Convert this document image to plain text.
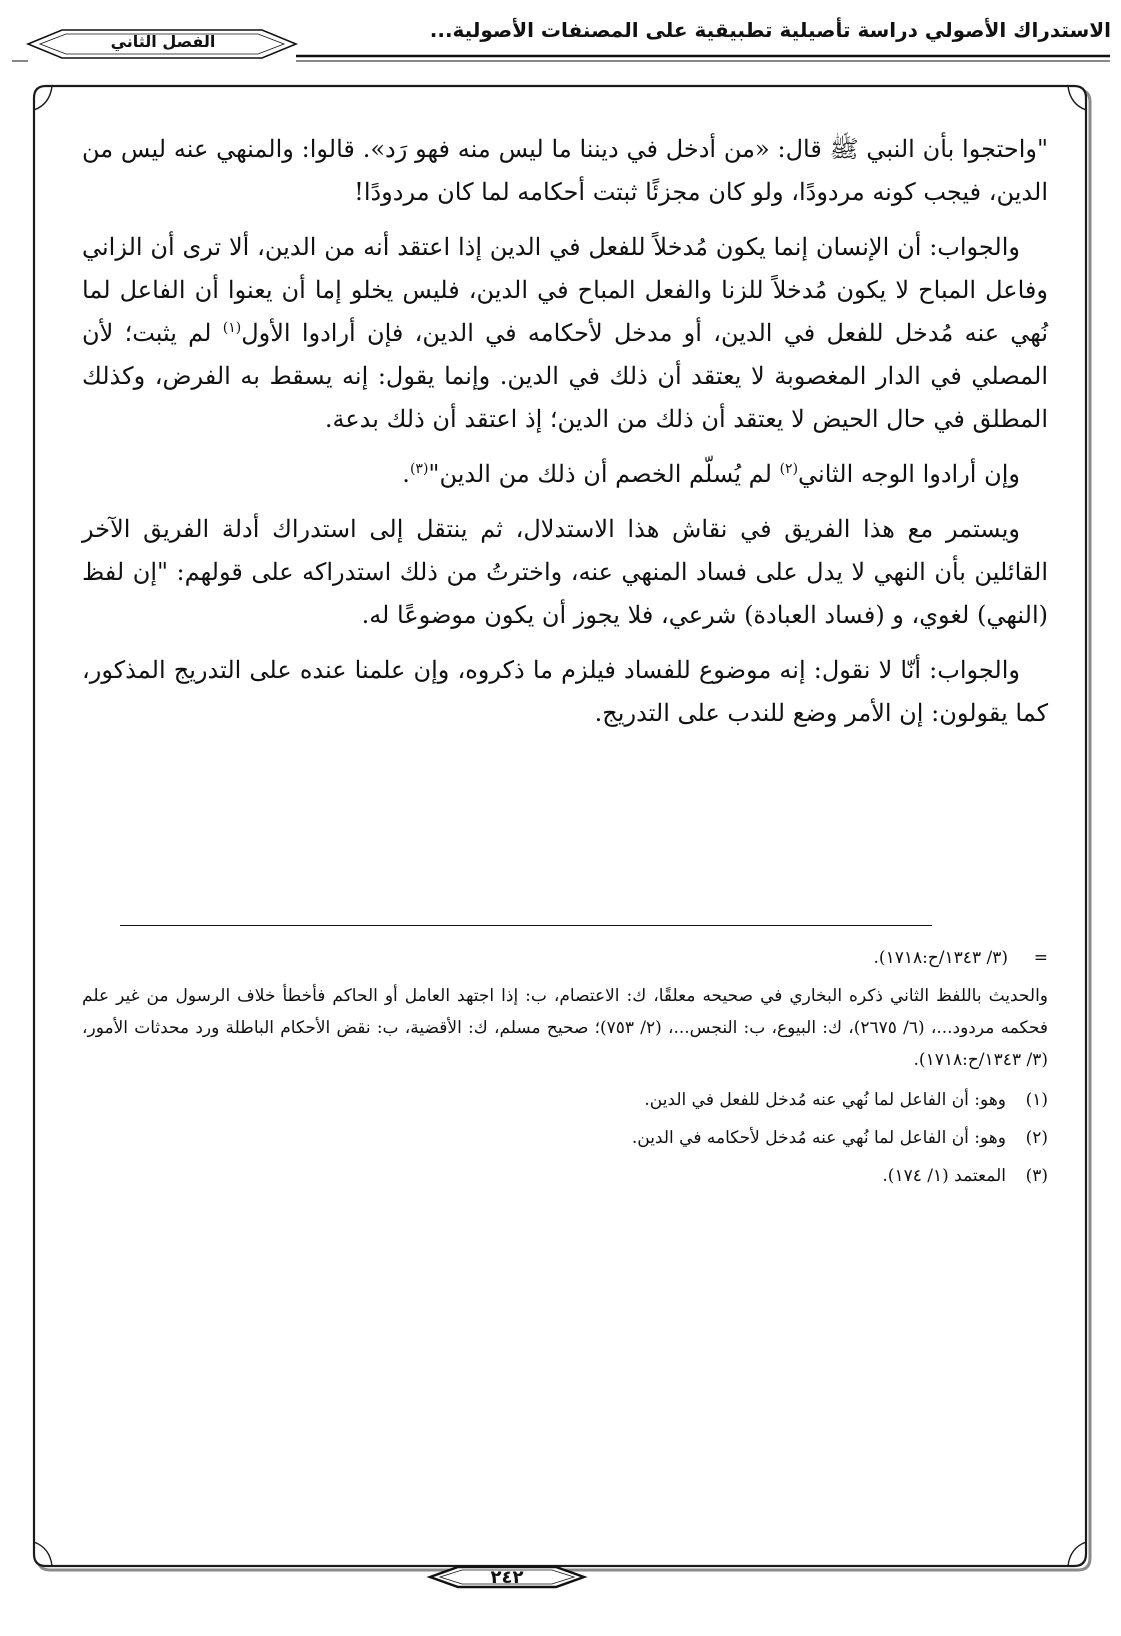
الاستدراك الأصولي دراسة تأصيلية تطبيقية على المصنفات الأصولية...
الفصل الثاني

"واحتجوا بأن النبي ﷺ قال: «من أدخل في ديننا ما ليس منه فهو رَد». قالوا: والمنهي عنه ليس من الدين، فيجب كونه مردودًا، ولو كان مجزئًا ثبتت أحكامه لما كان مردودًا!

والجواب: أن الإنسان إنما يكون مُدخلاً للفعل في الدين إذا اعتقد أنه من الدين، ألا ترى أن الزاني وفاعل المباح لا يكون مُدخلاً للزنا والفعل المباح في الدين، فليس يخلو إما أن يعنوا أن الفاعل لما نُهي عنه مُدخل للفعل في الدين، أو مدخل لأحكامه في الدين، فإن أرادوا الأول$^{(١)}$ لم يثبت؛ لأن المصلي في الدار المغصوبة لا يعتقد أن ذلك في الدين. وإنما يقول: إنه يسقط به الفرض، وكذلك المطلق في حال الحيض لا يعتقد أن ذلك من الدين؛ إذ اعتقد أن ذلك بدعة.

وإن أرادوا الوجه الثاني$^{(٢)}$ لم يُسلّم الخصم أن ذلك من الدين"$^{(٣)}$.

ويستمر مع هذا الفريق في نقاش هذا الاستدلال، ثم ينتقل إلى استدراك أدلة الفريق الآخر القائلين بأن النهي لا يدل على فساد المنهي عنه، واخترتُ من ذلك استدراكه على قولهم: "إن لفظ (النهي) لغوي، و (فساد العبادة) شرعي، فلا يجوز أن يكون موضوعًا له.

والجواب: أنّا لا نقول: إنه موضوع للفساد فيلزم ما ذكروه، وإن علمنا عنده على التدريج المذكور، كما يقولون: إن الأمر وضع للندب على التدريج.

=(٣/ ١٣٤٣/ح:١٧١٨).

والحديث باللفظ الثاني ذكره البخاري في صحيحه معلقًا، ك: الاعتصام، ب: إذا اجتهد العامل أو الحاكم فأخطأ خلاف الرسول من غير علم فحكمه مردود...، (٦/ ٢٦٧٥)، ك: البيوع، ب: النجس...، (٢/ ٧٥٣)؛ صحيح مسلم، ك: الأقضية، ب: نقض الأحكام الباطلة ورد محدثات الأمور، (٣/ ١٣٤٣/ح:١٧١٨).

(١)وهو: أن الفاعل لما نُهي عنه مُدخل للفعل في الدين.

(٢)وهو: أن الفاعل لما نُهي عنه مُدخل لأحكامه في الدين.

(٣)المعتمد (١/ ١٧٤).

٢٤٢
